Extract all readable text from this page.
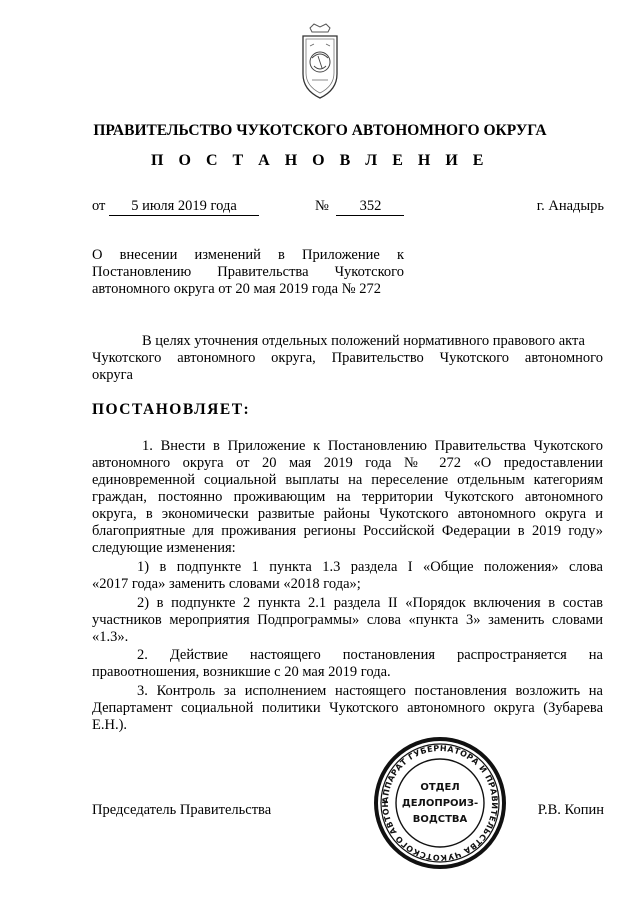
ПРАВИТЕЛЬСТВО ЧУКОТСКОГО АВТОНОМНОГО ОКРУГА
П О С Т А Н О В Л Е Н И Е
от 5 июля 2019 года	№ 352	г. Анадырь
О внесении изменений в Приложение к
Постановлению Правительства Чукотского
автономного округа от 20 мая 2019 года № 272
В целях уточнения отдельных положений нормативного правового акта
Чукотского автономного округа, Правительство Чукотского автономного
округа
ПОСТАНОВЛЯЕТ:
1. Внести в Приложение к Постановлению Правительства Чукотского
автономного округа от 20 мая 2019 года № 272 «О предоставлении
единовременной социальной выплаты на переселение отдельным категориям
граждан, постоянно проживающим на территории Чукотского автономного
округа, в экономически развитые районы Чукотского автономного округа и
благоприятные для проживания регионы Российской Федерации в 2019 году»
следующие изменения:
1) в подпункте 1 пункта 1.3 раздела I «Общие положения» слова
«2017 года» заменить словами «2018 года»;
2) в подпункте 2 пункта 2.1 раздела II «Порядок включения в состав
участников мероприятия Подпрограммы» слова «пункта 3» заменить словами
«1.3».
2. Действие настоящего постановления распространяется на
правоотношения, возникшие с 20 мая 2019 года.
3. Контроль за исполнением настоящего постановления возложить на
Департамент социальной политики Чукотского автономного округа (Зубарева
Е.Н.).
Председатель Правительства	Р.В. Копин
АППАРАТ ГУБЕРНАТОРА И ПРАВИТЕЛЬСТВА ЧУКОТСКОГО АВТОН
ОТДЕЛ
ДЕЛОПРОИЗ-
ВОДСТВА
